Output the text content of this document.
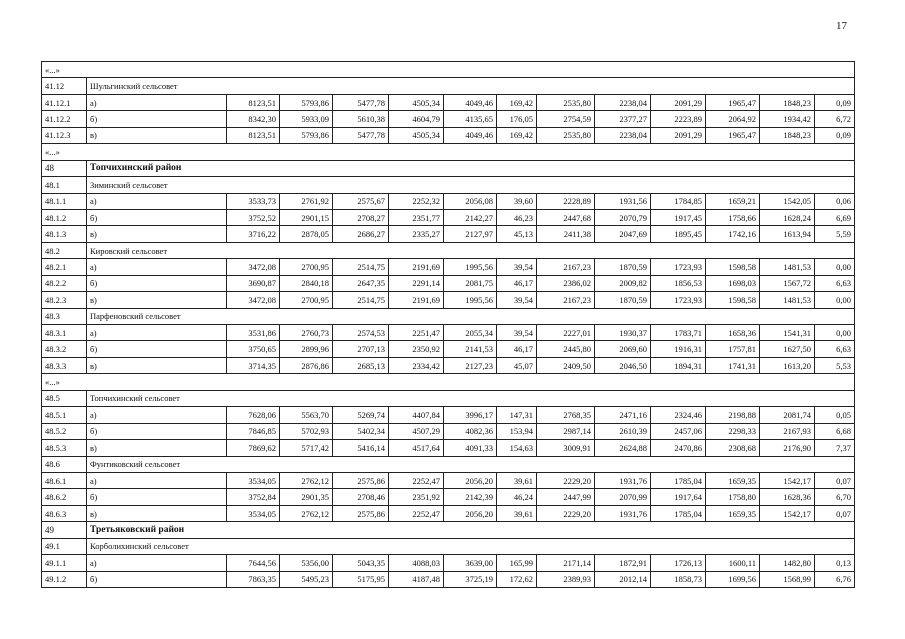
17
«...»													
41.12	Шульгинский сельсовет												
41.12.1	а)	8123,51	5793,86	5477,78	4505,34	4049,46	169,42	2535,80	2238,04	2091,29	1965,47	1848,23	0,09
41.12.2	б)	8342,30	5933,09	5610,38	4604,79	4135,65	176,05	2754,59	2377,27	2223,89	2064,92	1934,42	6,72
41.12.3	в)	8123,51	5793,86	5477,78	4505,34	4049,46	169,42	2535,80	2238,04	2091,29	1965,47	1848,23	0,09
«...»													
48	Топчихинский район												
48.1	Зиминский сельсовет												
48.1.1	а)	3533,73	2761,92	2575,67	2252,32	2056,08	39,60	2228,89	1931,56	1784,85	1659,21	1542,05	0,06
48.1.2	б)	3752,52	2901,15	2708,27	2351,77	2142,27	46,23	2447,68	2070,79	1917,45	1758,66	1628,24	6,69
48.1.3	в)	3716,22	2878,05	2686,27	2335,27	2127,97	45,13	2411,38	2047,69	1895,45	1742,16	1613,94	5,59
48.2	Кировский сельсовет												
48.2.1	а)	3472,08	2700,95	2514,75	2191,69	1995,56	39,54	2167,23	1870,59	1723,93	1598,58	1481,53	0,00
48.2.2	б)	3690,87	2840,18	2647,35	2291,14	2081,75	46,17	2386,02	2009,82	1856,53	1698,03	1567,72	6,63
48.2.3	в)	3472,08	2700,95	2514,75	2191,69	1995,56	39,54	2167,23	1870,59	1723,93	1598,58	1481,53	0,00
48.3	Парфеновский сельсовет												
48.3.1	а)	3531,86	2760,73	2574,53	2251,47	2055,34	39,54	2227,01	1930,37	1783,71	1658,36	1541,31	0,00
48.3.2	б)	3750,65	2899,96	2707,13	2350,92	2141,53	46,17	2445,80	2069,60	1916,31	1757,81	1627,50	6,63
48.3.3	в)	3714,35	2876,86	2685,13	2334,42	2127,23	45,07	2409,50	2046,50	1894,31	1741,31	1613,20	5,53
«...»													
48.5	Топчихинский сельсовет												
48.5.1	а)	7628,06	5563,70	5269,74	4407,84	3996,17	147,31	2768,35	2471,16	2324,46	2198,88	2081,74	0,05
48.5.2	б)	7846,85	5702,93	5402,34	4507,29	4082,36	153,94	2987,14	2610,39	2457,06	2298,33	2167,93	6,68
48.5.3	в)	7869,62	5717,42	5416,14	4517,64	4091,33	154,63	3009,91	2624,88	2470,86	2308,68	2176,90	7,37
48.6	Фунтиковский сельсовет												
48.6.1	а)	3534,05	2762,12	2575,86	2252,47	2056,20	39,61	2229,20	1931,76	1785,04	1659,35	1542,17	0,07
48.6.2	б)	3752,84	2901,35	2708,46	2351,92	2142,39	46,24	2447,99	2070,99	1917,64	1758,80	1628,36	6,70
48.6.3	в)	3534,05	2762,12	2575,86	2252,47	2056,20	39,61	2229,20	1931,76	1785,04	1659,35	1542,17	0,07
49	Третьяковский район												
49.1	Корболихинский сельсовет												
49.1.1	а)	7644,56	5356,00	5043,35	4088,03	3639,00	165,99	2171,14	1872,91	1726,13	1600,11	1482,80	0,13
49.1.2	б)	7863,35	5495,23	5175,95	4187,48	3725,19	172,62	2389,93	2012,14	1858,73	1699,56	1568,99	6,76
